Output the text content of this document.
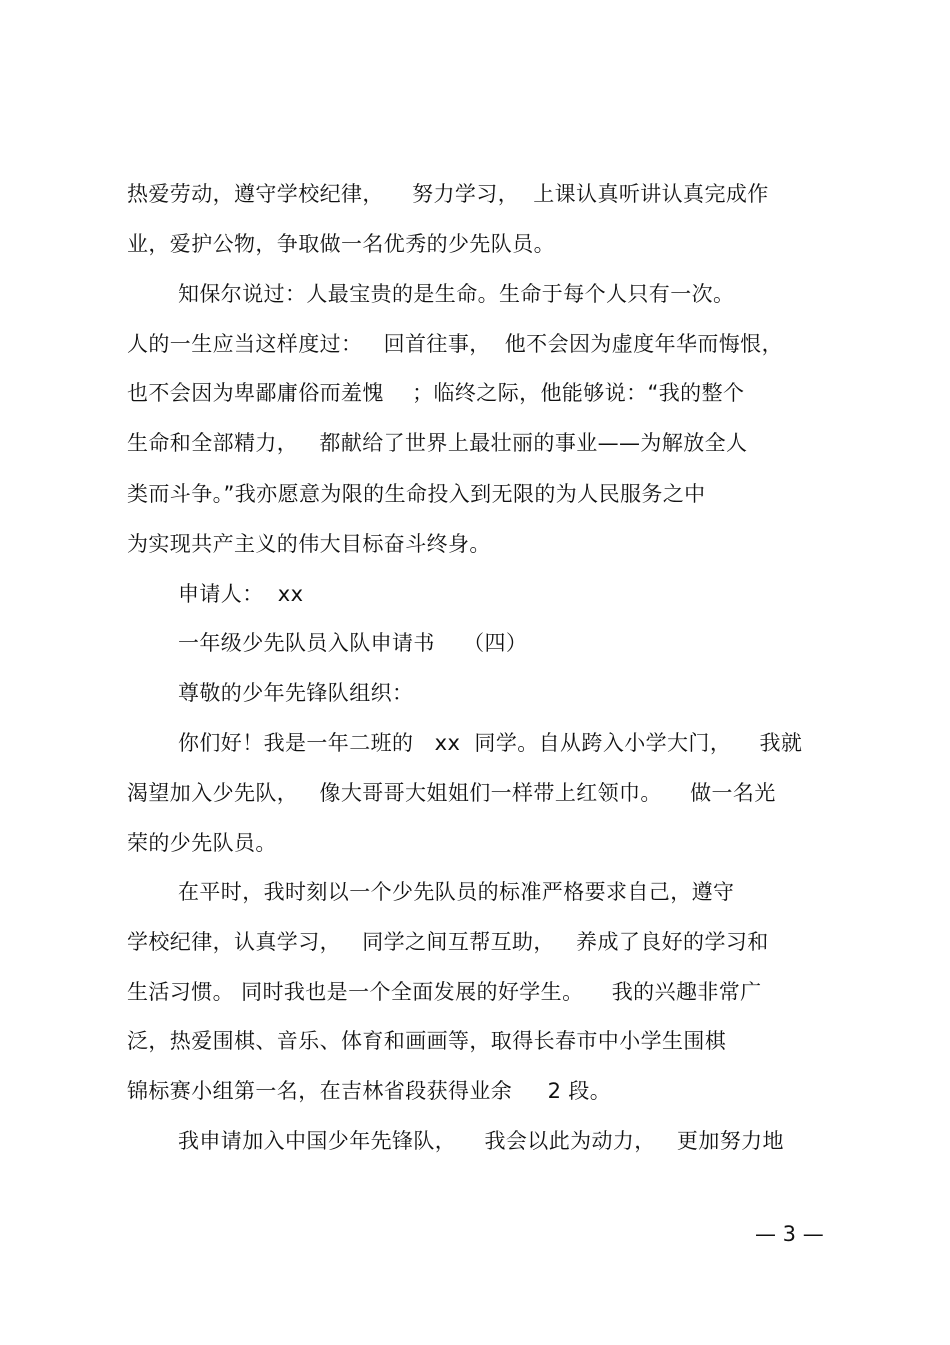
热爱劳动，遵守学校纪律，    努力学习，  上课认真听讲认真完成作
业，爱护公物，争取做一名优秀的少先队员。
知保尔说过：人最宝贵的是生命。生命于每个人只有一次。
人的一生应当这样度过：   回首往事，  他不会因为虚度年华而悔恨，
也不会因为卑鄙庸俗而羞愧    ；临终之际，他能够说：“我的整个
生命和全部精力，   都献给了世界上最壮丽的事业——为解放全人
类而斗争。”我亦愿意为限的生命投入到无限的为人民服务之中
为实现共产主义的伟大目标奋斗终身。
申请人：  xx
一年级少先队员入队申请书    （四）
尊敬的少年先锋队组织：
你们好！我是一年二班的   xx  同学。自从跨入小学大门，    我就
渴望加入少先队，   像大哥哥大姐姐们一样带上红领巾。    做一名光
荣的少先队员。
在平时，我时刻以一个少先队员的标准严格要求自己，遵守
学校纪律，认真学习，   同学之间互帮互助，   养成了良好的学习和
生活习惯。 同时我也是一个全面发展的好学生。    我的兴趣非常广
泛，热爱围棋、音乐、体育和画画等，取得长春市中小学生围棋
锦标赛小组第一名，在吉林省段获得业余     2 段。
我申请加入中国少年先锋队，    我会以此为动力，   更加努力地
— 3 —
